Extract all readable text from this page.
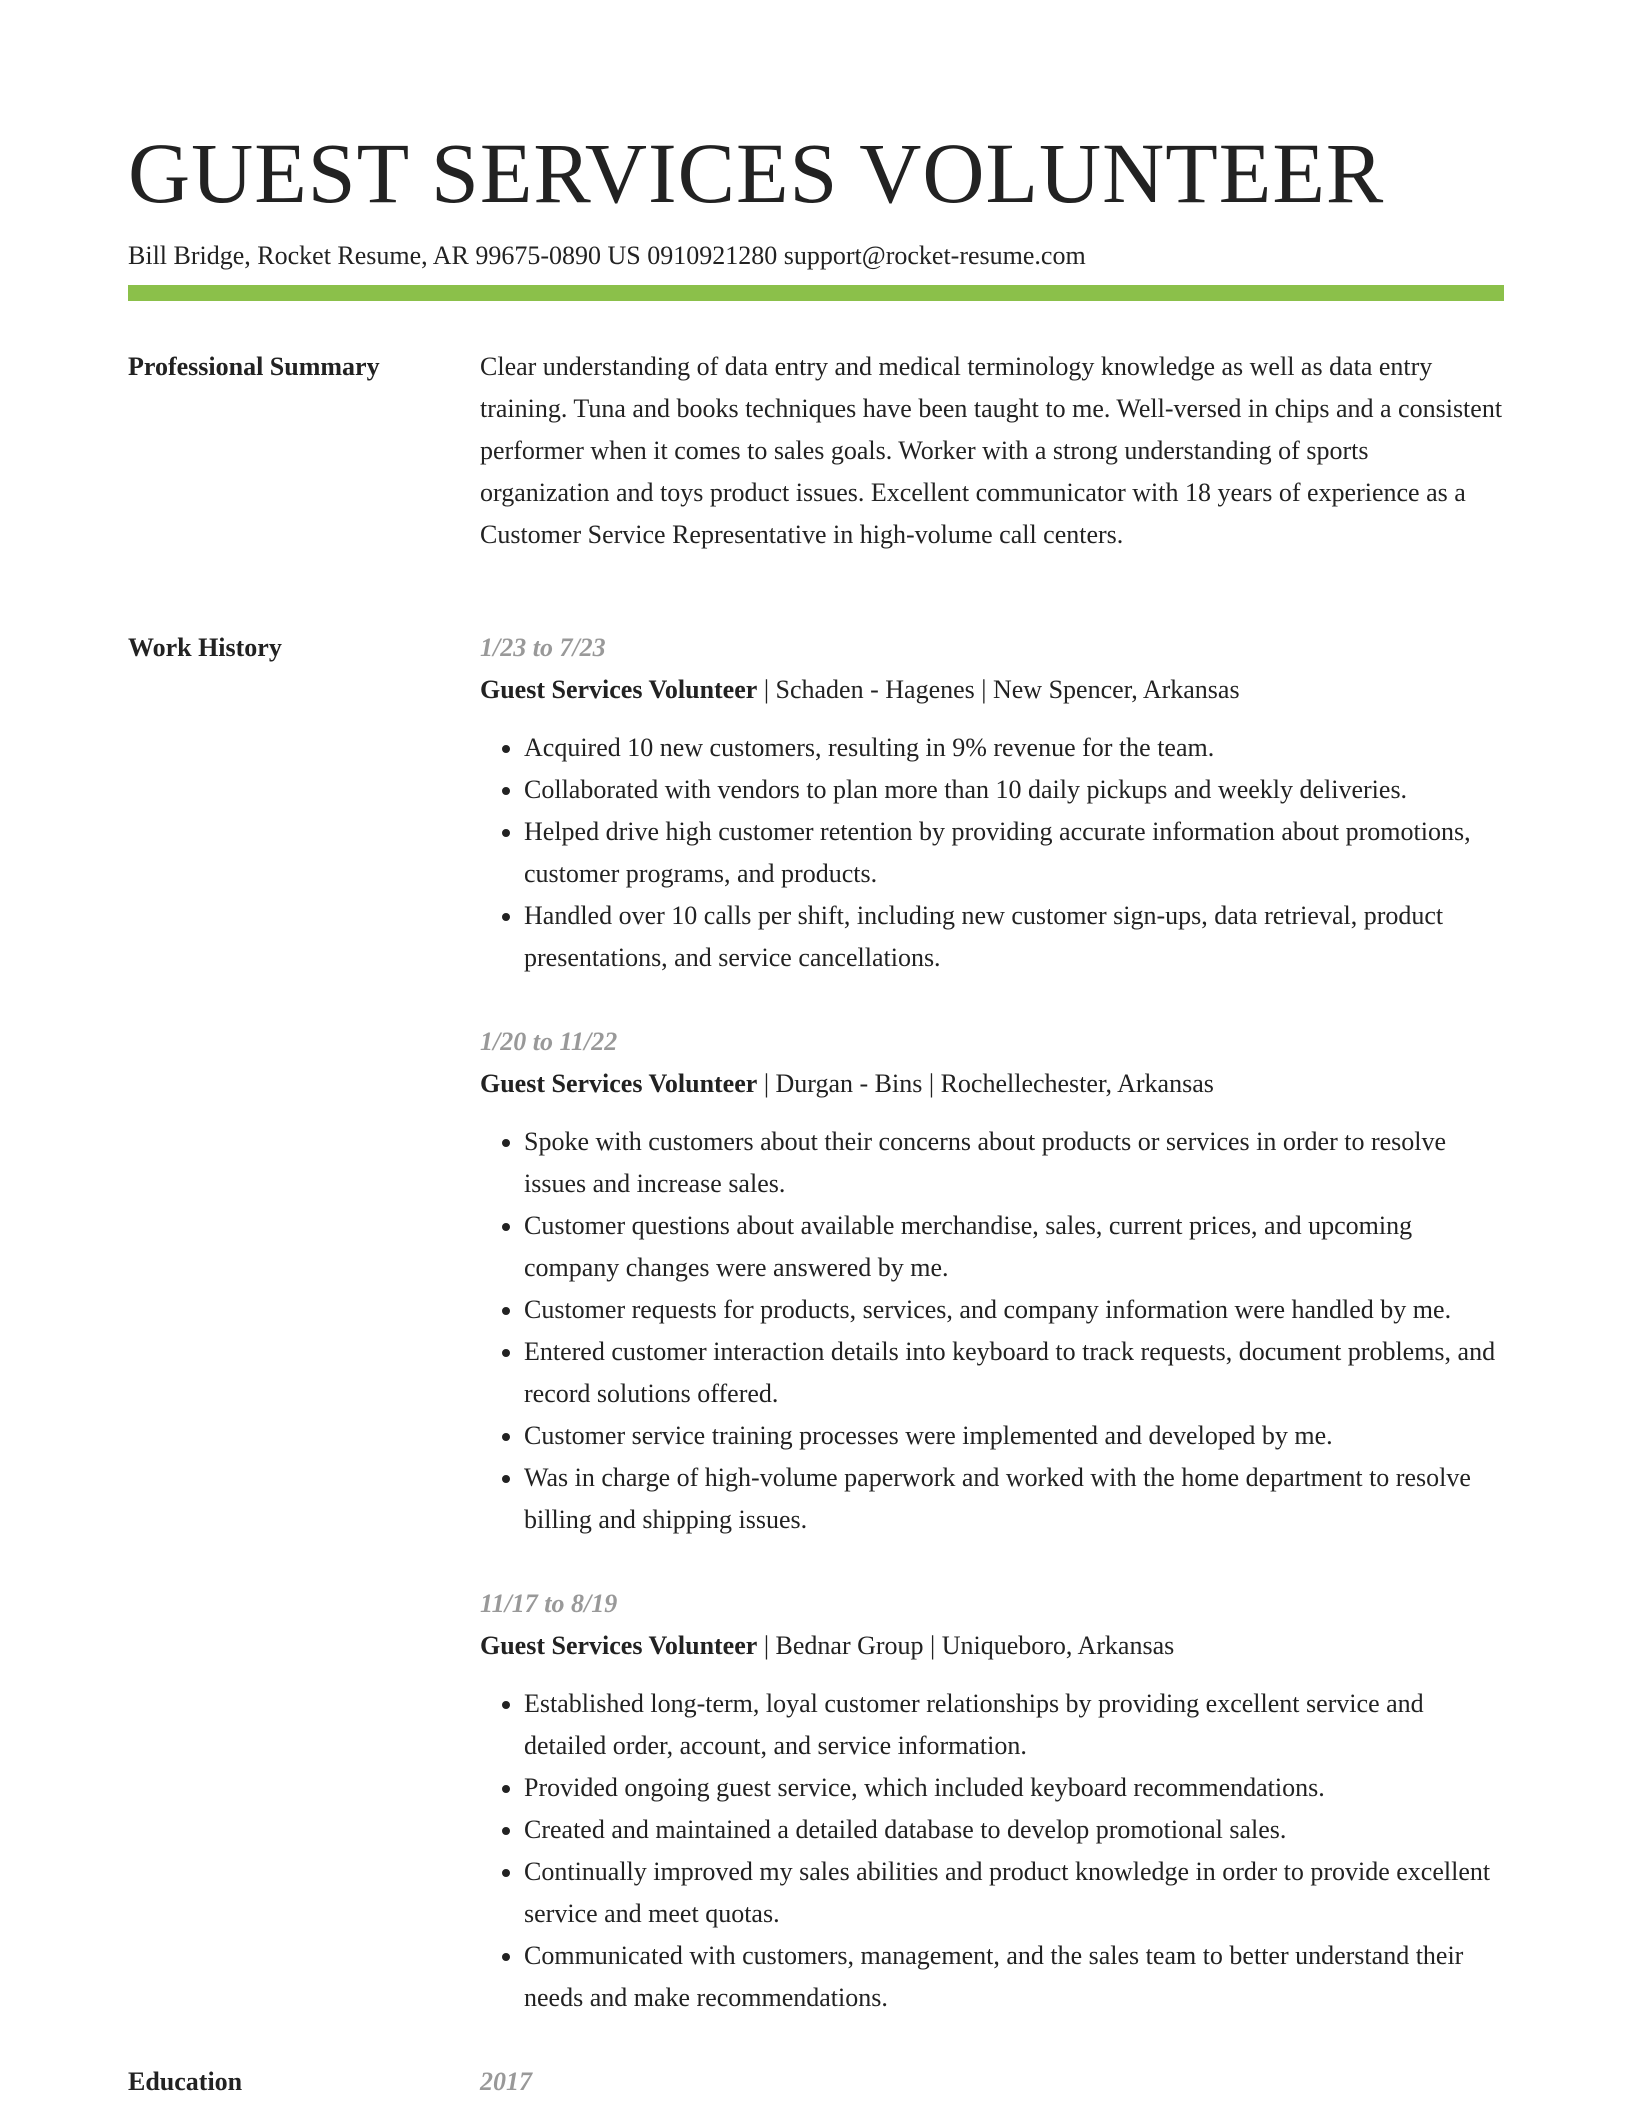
GUEST SERVICES VOLUNTEER
Bill Bridge, Rocket Resume, AR 99675-0890 US 0910921280 support@rocket-resume.com
Professional Summary	Clear understanding of data entry and medical terminology knowledge as well as data entry training. Tuna and books techniques have been taught to me. Well-versed in chips and a consistent performer when it comes to sales goals. Worker with a strong understanding of sports organization and toys product issues. Excellent communicator with 18 years of experience as a Customer Service Representative in high-volume call centers.

Work History	1/23 to 7/23
Guest Services Volunteer | Schaden - Hagenes | New Spencer, Arkansas
• Acquired 10 new customers, resulting in 9% revenue for the team.
• Collaborated with vendors to plan more than 10 daily pickups and weekly deliveries.
• Helped drive high customer retention by providing accurate information about promotions, customer programs, and products.
• Handled over 10 calls per shift, including new customer sign-ups, data retrieval, product presentations, and service cancellations.
1/20 to 11/22
Guest Services Volunteer | Durgan - Bins | Rochellechester, Arkansas
• Spoke with customers about their concerns about products or services in order to resolve issues and increase sales.
• Customer questions about available merchandise, sales, current prices, and upcoming company changes were answered by me.
• Customer requests for products, services, and company information were handled by me.
• Entered customer interaction details into keyboard to track requests, document problems, and record solutions offered.
• Customer service training processes were implemented and developed by me.
• Was in charge of high-volume paperwork and worked with the home department to resolve billing and shipping issues.
11/17 to 8/19
Guest Services Volunteer | Bednar Group | Uniqueboro, Arkansas
• Established long-term, loyal customer relationships by providing excellent service and detailed order, account, and service information.
• Provided ongoing guest service, which included keyboard recommendations.
• Created and maintained a detailed database to develop promotional sales.
• Continually improved my sales abilities and product knowledge in order to provide excellent service and meet quotas.
• Communicated with customers, management, and the sales team to better understand their needs and make recommendations.
Education	2017
